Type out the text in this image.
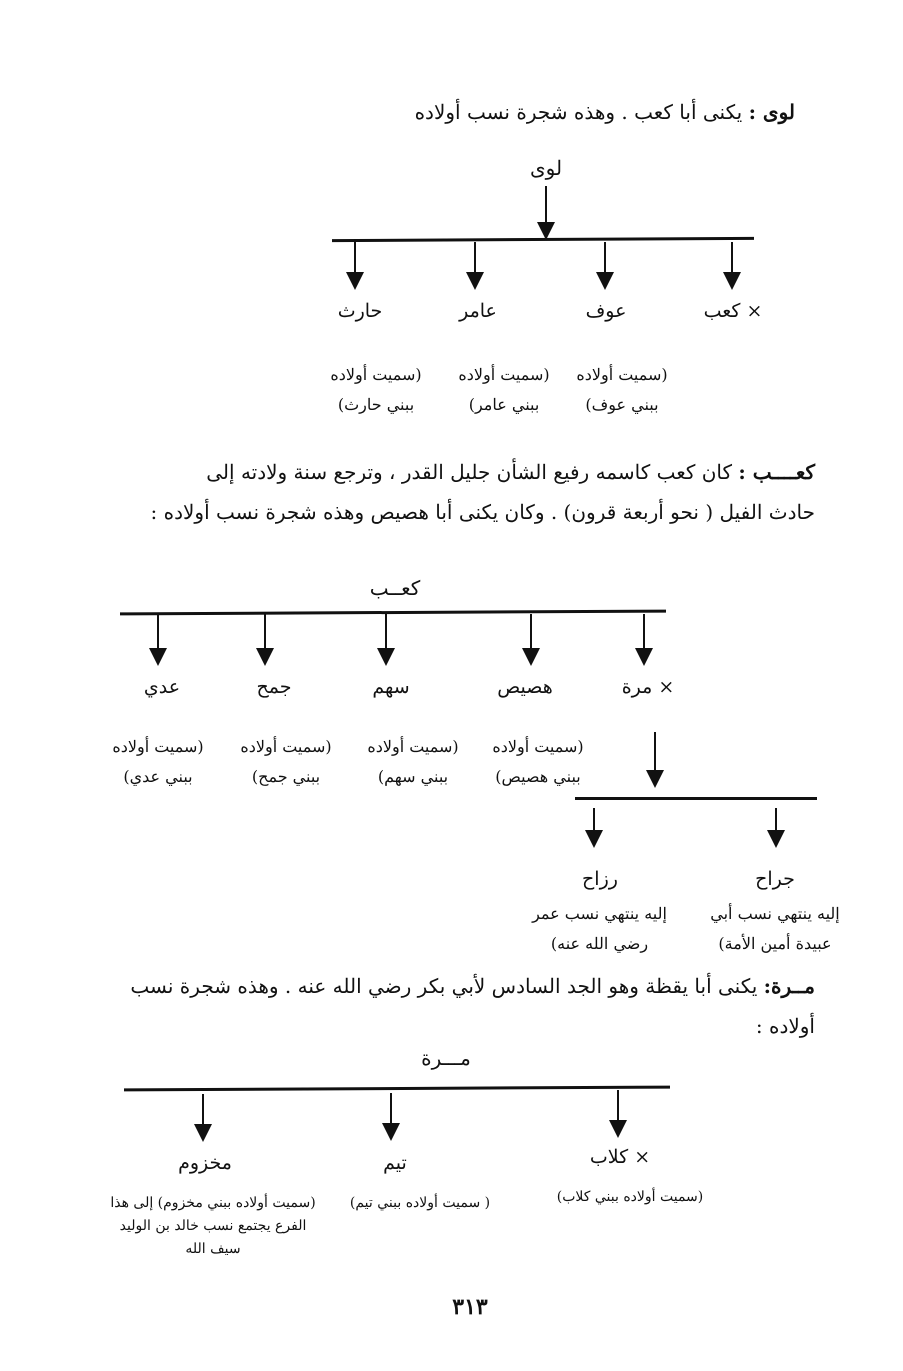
لوى : يكنى أبا كعب . وهذه شجرة نسب أولاده
لوى
× كعب
عوف
عامر
حارث
(سميت أولاده ببني عوف)
(سميت أولاده ببني عامر)
(سميت أولاده ببني حارث)
كعــــب : كان كعب كاسمه رفيع الشأن جليل القدر ، وترجع سنة ولادته إلى
حادث الفيل ( نحو أربعة قرون) . وكان يكنى أبا هصيص وهذه شجرة نسب أولاده :
كعــب
× مرة
هصيص
سهم
جمح
عدي
(سميت أولاده ببني هصيص)
(سميت أولاده ببني سهم)
(سميت أولاده ببني جمح)
(سميت أولاده ببني عدي)
جراح
رزاح
إليه ينتهي نسب أبي عبيدة أمين الأمة)
إليه ينتهي نسب عمر رضي الله عنه)
مــرة: يكنى أبا يقظة وهو الجد السادس لأبي بكر رضي الله عنه . وهذه شجرة نسب
أولاده :
مـــرة
× كلاب
تيم
مخزوم
(سميت أولاده ببني كلاب)
( سميت أولاده ببني تيم)
(سميت أولاده ببني مخزوم) إلى هذا الفرع يجتمع نسب خالد بن الوليد سيف الله
٣١٣
